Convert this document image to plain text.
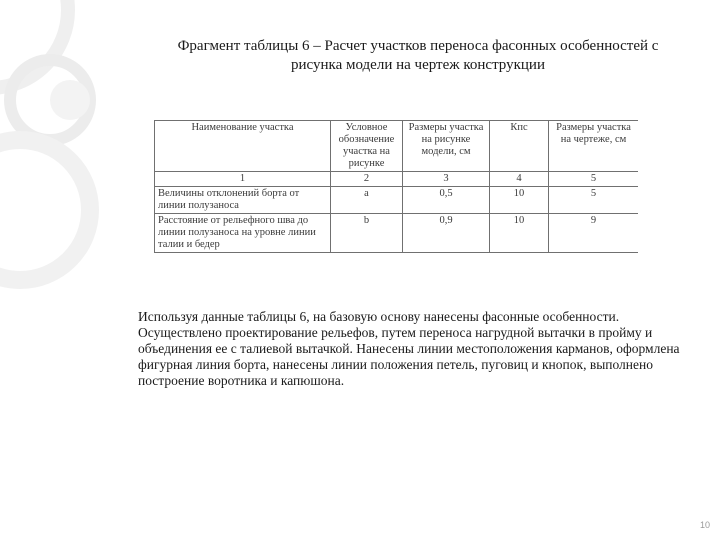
Фрагмент таблицы 6 – Расчет участков переноса фасонных особенностей с
рисунка модели на чертеж конструкции
Наименование участка	Условное обозначение участка на рисунке	Размеры участка на рисунке модели, см	Кпс	Размеры участка на чертеже, см
1	2	3	4	5
Величины отклонений борта от линии полузаноса	а	0,5	10	5
Расстояние от рельефного шва до линии полузаноса на уровне линии талии и бедер	b	0,9	10	9
Используя данные таблицы 6, на базовую основу нанесены фасонные особенности. Осуществлено проектирование рельефов, путем переноса нагрудной вытачки в пройму и объединения ее с талиевой вытачкой. Нанесены линии местоположения карманов, оформлена фигурная линия борта, нанесены линии положения петель, пуговиц и кнопок, выполнено построение воротника и капюшона.
10
